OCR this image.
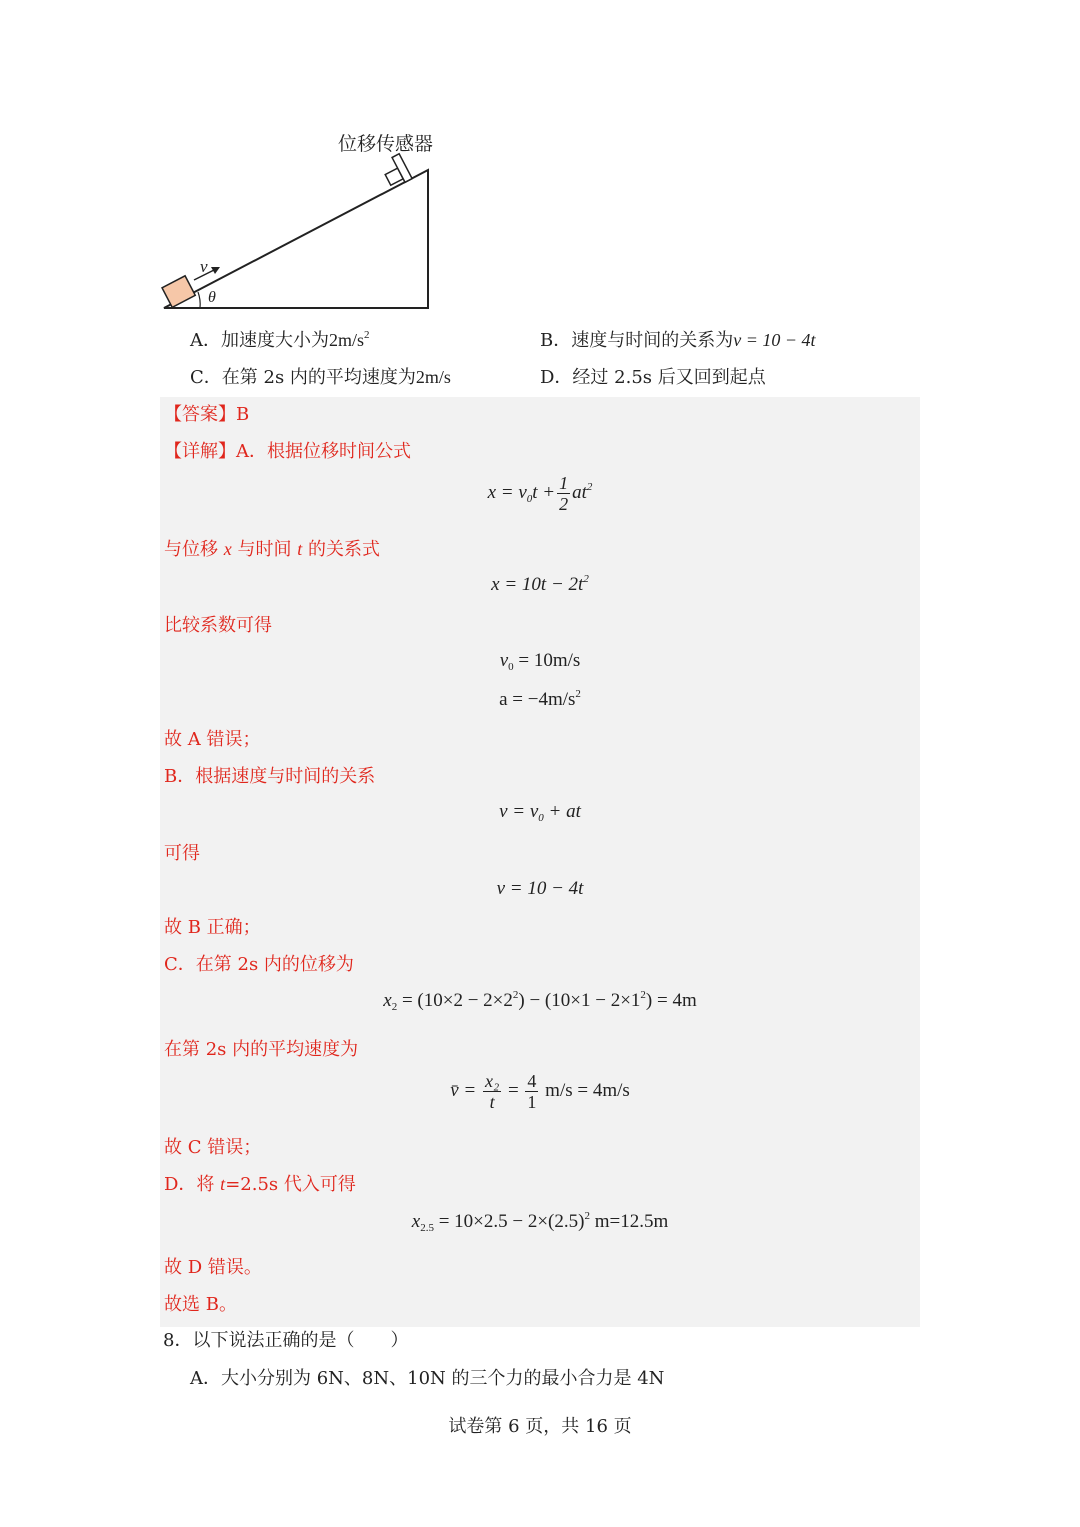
位移传感器
v
θ
A．加速度大小为$2m/s^2$	B．速度与时间的关系为v = 10 − 4t
C．在第 2s 内的平均速度为2m/s	D．经过 2.5s 后又回到起点
【答案】B
【详解】A．根据位移时间公式
$x = v_0t + \frac{1}{2} at^2$
与位移 x 与时间 t 的关系式
$x = 10t - 2t^2$
比较系数可得
$v_0 = 10m/s$
$a = -4m/s^2$
故 A 错误；
B．根据速度与时间的关系
$v = v_0$ + at
可得
v = 10 − 4t
故 B 正确；
C．在第 2s 内的位移为
$x_2 = (10\times 2 - 2\times 2^2) - (10\times 1 - 2\times 1^2) = 4m$
在第 2s 内的平均速度为
v̄ = $\frac{\text{x₂}}{t} = \frac{4}{1} m/s = 4m/s$
故 C 错误；
D．将 t=2.5s 代入可得
$x_{2.5} = 10\times 2.5 - 2\times(2.5)^2$ m=12.5m
故 D 错误。
故选 B。
8．以下说法正确的是（　　）
A．大小分别为 6N、8N、10N 的三个力的最小合力是 4N
试卷第 6 页，共 16 页
